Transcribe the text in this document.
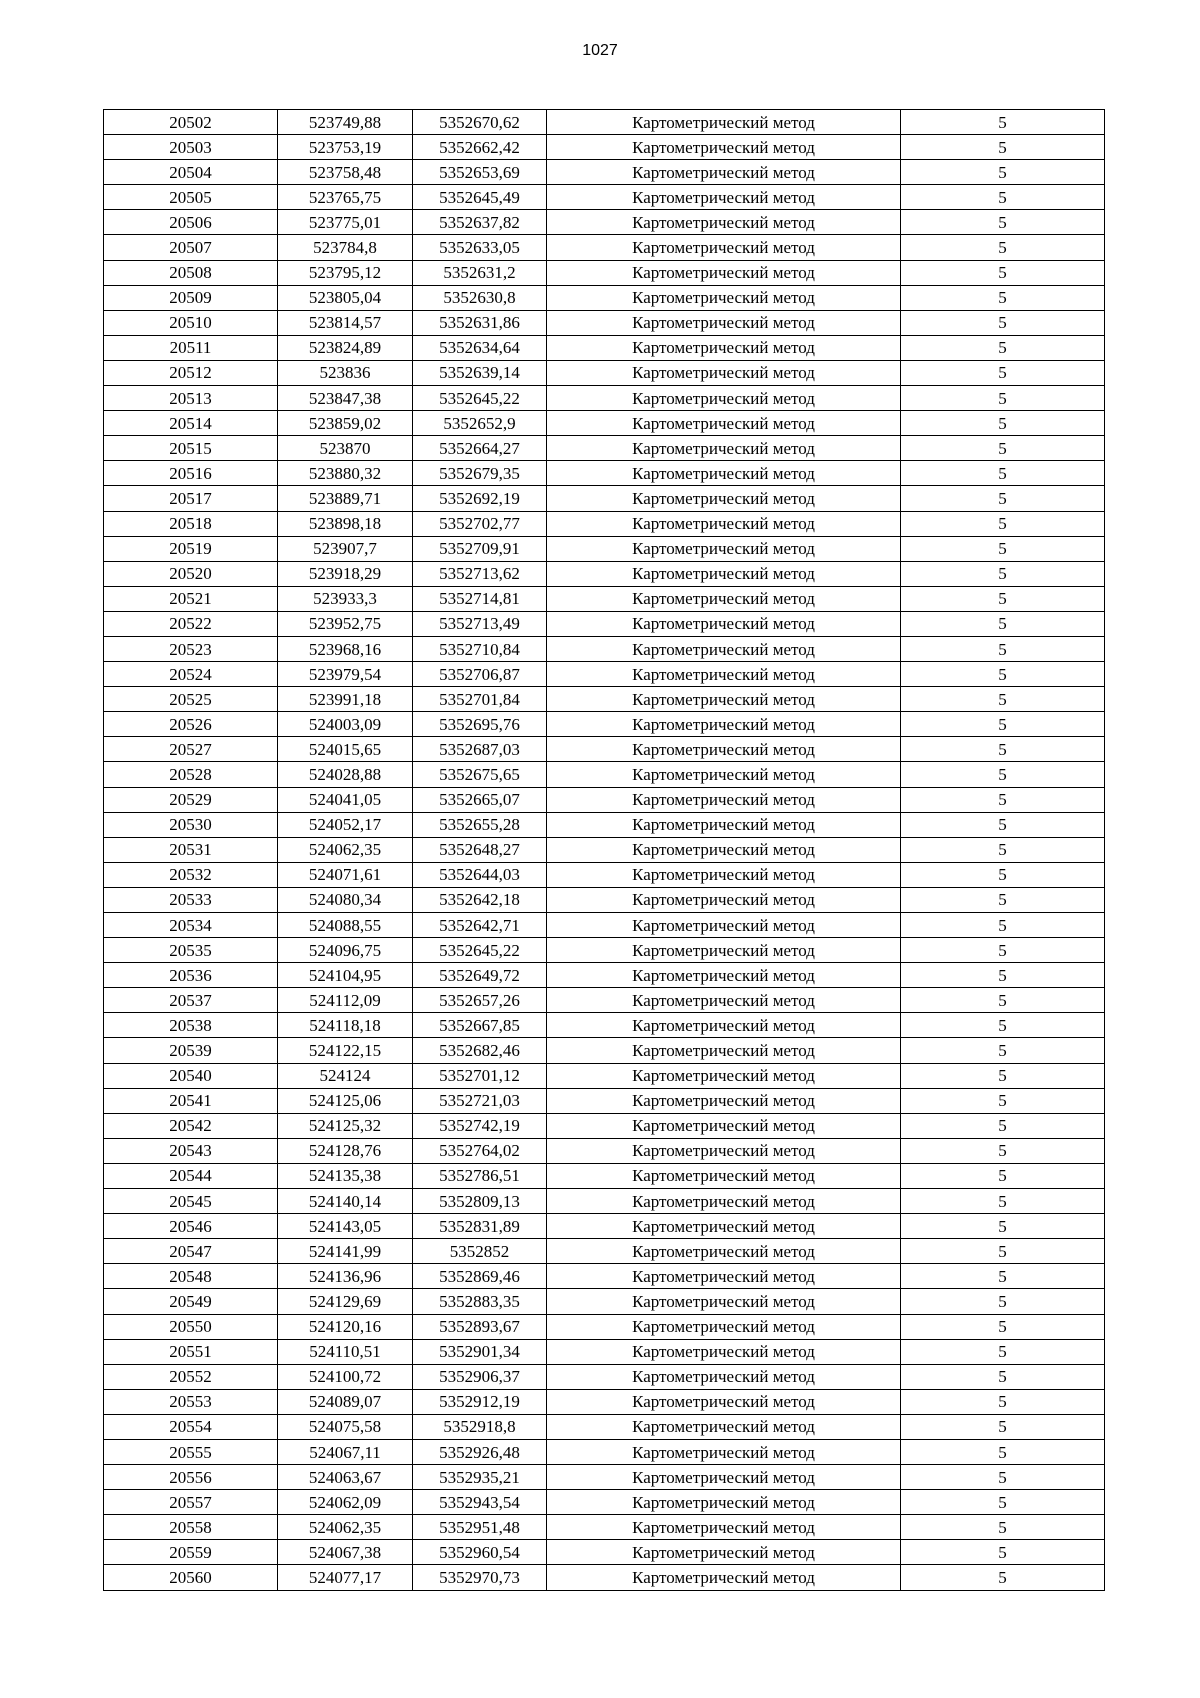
1027
20502	523749,88	5352670,62	Картометрический метод	5
20503	523753,19	5352662,42	Картометрический метод	5
20504	523758,48	5352653,69	Картометрический метод	5
20505	523765,75	5352645,49	Картометрический метод	5
20506	523775,01	5352637,82	Картометрический метод	5
20507	523784,8	5352633,05	Картометрический метод	5
20508	523795,12	5352631,2	Картометрический метод	5
20509	523805,04	5352630,8	Картометрический метод	5
20510	523814,57	5352631,86	Картометрический метод	5
20511	523824,89	5352634,64	Картометрический метод	5
20512	523836	5352639,14	Картометрический метод	5
20513	523847,38	5352645,22	Картометрический метод	5
20514	523859,02	5352652,9	Картометрический метод	5
20515	523870	5352664,27	Картометрический метод	5
20516	523880,32	5352679,35	Картометрический метод	5
20517	523889,71	5352692,19	Картометрический метод	5
20518	523898,18	5352702,77	Картометрический метод	5
20519	523907,7	5352709,91	Картометрический метод	5
20520	523918,29	5352713,62	Картометрический метод	5
20521	523933,3	5352714,81	Картометрический метод	5
20522	523952,75	5352713,49	Картометрический метод	5
20523	523968,16	5352710,84	Картометрический метод	5
20524	523979,54	5352706,87	Картометрический метод	5
20525	523991,18	5352701,84	Картометрический метод	5
20526	524003,09	5352695,76	Картометрический метод	5
20527	524015,65	5352687,03	Картометрический метод	5
20528	524028,88	5352675,65	Картометрический метод	5
20529	524041,05	5352665,07	Картометрический метод	5
20530	524052,17	5352655,28	Картометрический метод	5
20531	524062,35	5352648,27	Картометрический метод	5
20532	524071,61	5352644,03	Картометрический метод	5
20533	524080,34	5352642,18	Картометрический метод	5
20534	524088,55	5352642,71	Картометрический метод	5
20535	524096,75	5352645,22	Картометрический метод	5
20536	524104,95	5352649,72	Картометрический метод	5
20537	524112,09	5352657,26	Картометрический метод	5
20538	524118,18	5352667,85	Картометрический метод	5
20539	524122,15	5352682,46	Картометрический метод	5
20540	524124	5352701,12	Картометрический метод	5
20541	524125,06	5352721,03	Картометрический метод	5
20542	524125,32	5352742,19	Картометрический метод	5
20543	524128,76	5352764,02	Картометрический метод	5
20544	524135,38	5352786,51	Картометрический метод	5
20545	524140,14	5352809,13	Картометрический метод	5
20546	524143,05	5352831,89	Картометрический метод	5
20547	524141,99	5352852	Картометрический метод	5
20548	524136,96	5352869,46	Картометрический метод	5
20549	524129,69	5352883,35	Картометрический метод	5
20550	524120,16	5352893,67	Картометрический метод	5
20551	524110,51	5352901,34	Картометрический метод	5
20552	524100,72	5352906,37	Картометрический метод	5
20553	524089,07	5352912,19	Картометрический метод	5
20554	524075,58	5352918,8	Картометрический метод	5
20555	524067,11	5352926,48	Картометрический метод	5
20556	524063,67	5352935,21	Картометрический метод	5
20557	524062,09	5352943,54	Картометрический метод	5
20558	524062,35	5352951,48	Картометрический метод	5
20559	524067,38	5352960,54	Картометрический метод	5
20560	524077,17	5352970,73	Картометрический метод	5
